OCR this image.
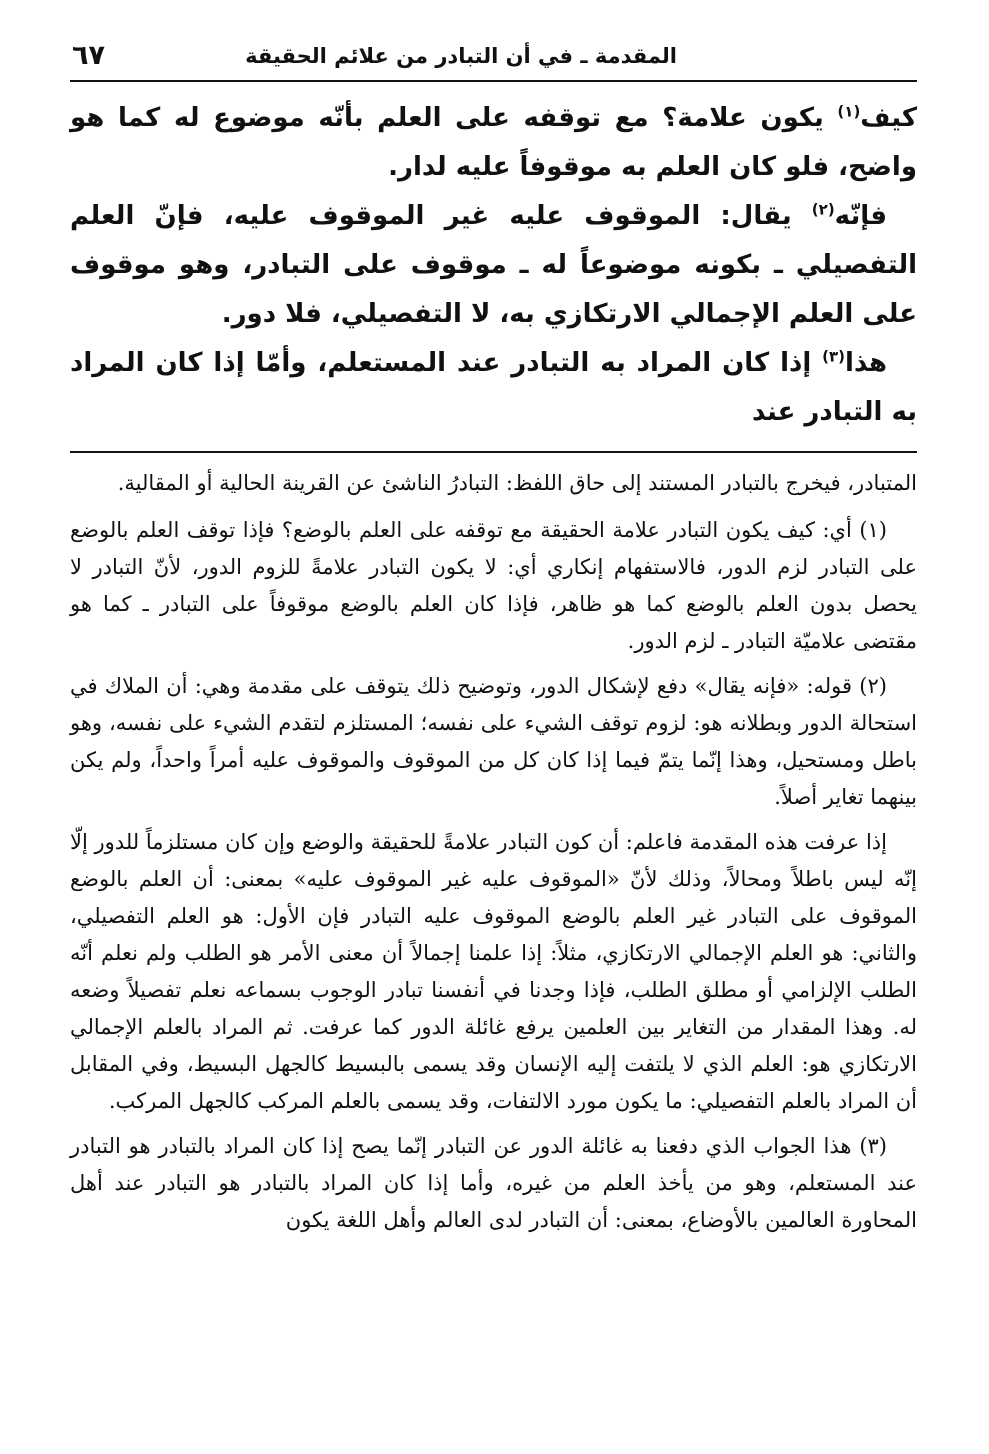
المقدمة ـ في أن التبادر من علائم الحقيقة
٦٧

كيف$^{(١)}$ يكون علامة؟ مع توقفه على العلم بأنّه موضوع له كما هو واضح، فلو كان العلم به موقوفاً عليه لدار.

فإنّه$^{(٢)}$ يقال: الموقوف عليه غير الموقوف عليه، فإنّ العلم التفصيلي ـ بكونه موضوعاً له ـ موقوف على التبادر، وهو موقوف على العلم الإجمالي الارتكازي به، لا التفصيلي، فلا دور.

هذا$^{(٣)}$ إذا كان المراد به التبادر عند المستعلم، وأمّا إذا كان المراد به التبادر عند

المتبادر، فيخرج بالتبادر المستند إلى حاق اللفظ: التبادرُ الناشئ عن القرينة الحالية أو المقالية.

(١) أي: كيف يكون التبادر علامة الحقيقة مع توقفه على العلم بالوضع؟ فإذا توقف العلم بالوضع على التبادر لزم الدور، فالاستفهام إنكاري أي: لا يكون التبادر علامةً للزوم الدور، لأنّ التبادر لا يحصل بدون العلم بالوضع كما هو ظاهر، فإذا كان العلم بالوضع موقوفاً على التبادر ـ كما هو مقتضى علاميّة التبادر ـ لزم الدور.

(٢) قوله: «فإنه يقال» دفع لإشكال الدور، وتوضيح ذلك يتوقف على مقدمة وهي: أن الملاك في استحالة الدور وبطلانه هو: لزوم توقف الشيء على نفسه؛ المستلزم لتقدم الشيء على نفسه، وهو باطل ومستحيل، وهذا إنّما يتمّ فيما إذا كان كل من الموقوف والموقوف عليه أمراً واحداً، ولم يكن بينهما تغاير أصلاً.

إذا عرفت هذه المقدمة فاعلم: أن كون التبادر علامةً للحقيقة والوضع وإن كان مستلزماً للدور إلّا إنّه ليس باطلاً ومحالاً، وذلك لأنّ «الموقوف عليه غير الموقوف عليه» بمعنى: أن العلم بالوضع الموقوف على التبادر غير العلم بالوضع الموقوف عليه التبادر فإن الأول: هو العلم التفصيلي، والثاني: هو العلم الإجمالي الارتكازي، مثلاً: إذا علمنا إجمالاً أن معنى الأمر هو الطلب ولم نعلم أنّه الطلب الإلزامي أو مطلق الطلب، فإذا وجدنا في أنفسنا تبادر الوجوب بسماعه نعلم تفصيلاً وضعه له. وهذا المقدار من التغاير بين العلمين يرفع غائلة الدور كما عرفت. ثم المراد بالعلم الإجمالي الارتكازي هو: العلم الذي لا يلتفت إليه الإنسان وقد يسمى بالبسيط كالجهل البسيط، وفي المقابل أن المراد بالعلم التفصيلي: ما يكون مورد الالتفات، وقد يسمى بالعلم المركب كالجهل المركب.

(٣) هذا الجواب الذي دفعنا به غائلة الدور عن التبادر إنّما يصح إذا كان المراد بالتبادر هو التبادر عند المستعلم، وهو من يأخذ العلم من غيره، وأما إذا كان المراد بالتبادر هو التبادر عند أهل المحاورة العالمين بالأوضاع، بمعنى: أن التبادر لدى العالم وأهل اللغة يكون
